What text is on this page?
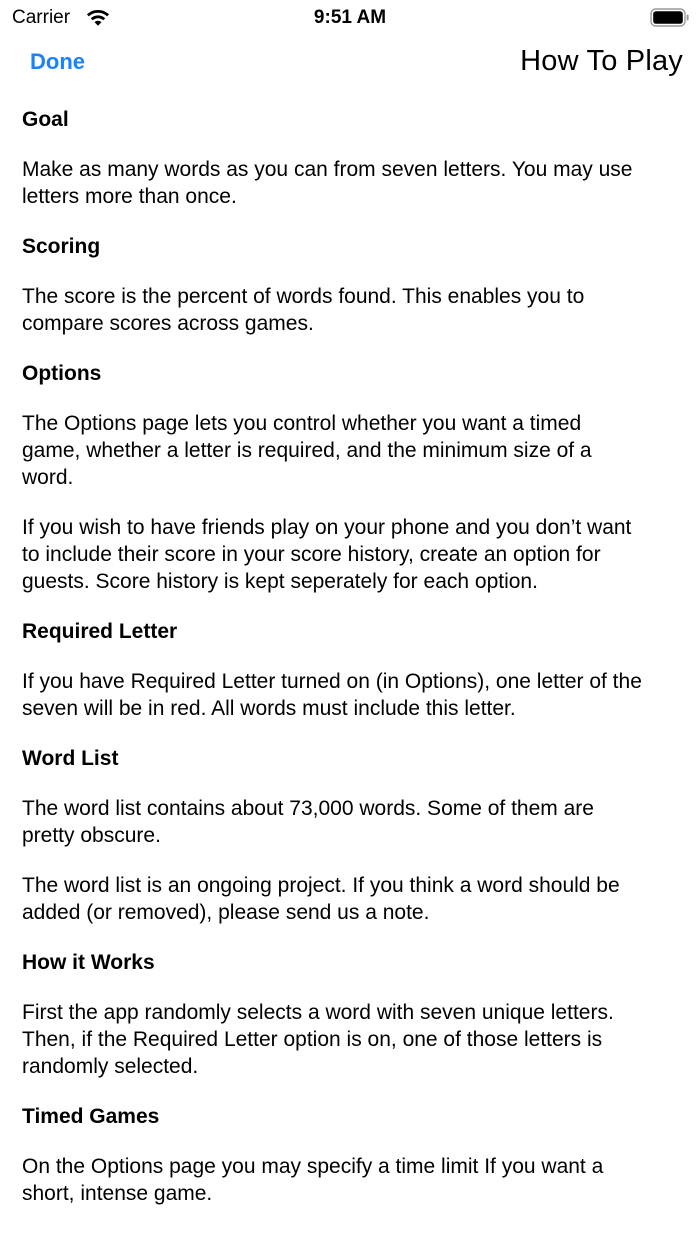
Carrier	9:51 AM
Done	How To Play
Goal

Make as many words as you can from seven letters. You may use letters more than once.

Scoring

The score is the percent of words found. This enables you to compare scores across games.

Options

The Options page lets you control whether you want a timed game, whether a letter is required, and the minimum size of a word.

If you wish to have friends play on your phone and you don’t want to include their score in your score history, create an option for guests. Score history is kept seperately for each option.

Required Letter

If you have Required Letter turned on (in Options), one letter of the seven will be in red. All words must include this letter.

Word List

The word list contains about 73,000 words. Some of them are pretty obscure.

The word list is an ongoing project. If you think a word should be added (or removed), please send us a note.

How it Works

First the app randomly selects a word with seven unique letters. Then, if the Required Letter option is on, one of those letters is randomly selected.

Timed Games

On the Options page you may specify a time limit If you want a short, intense game.
